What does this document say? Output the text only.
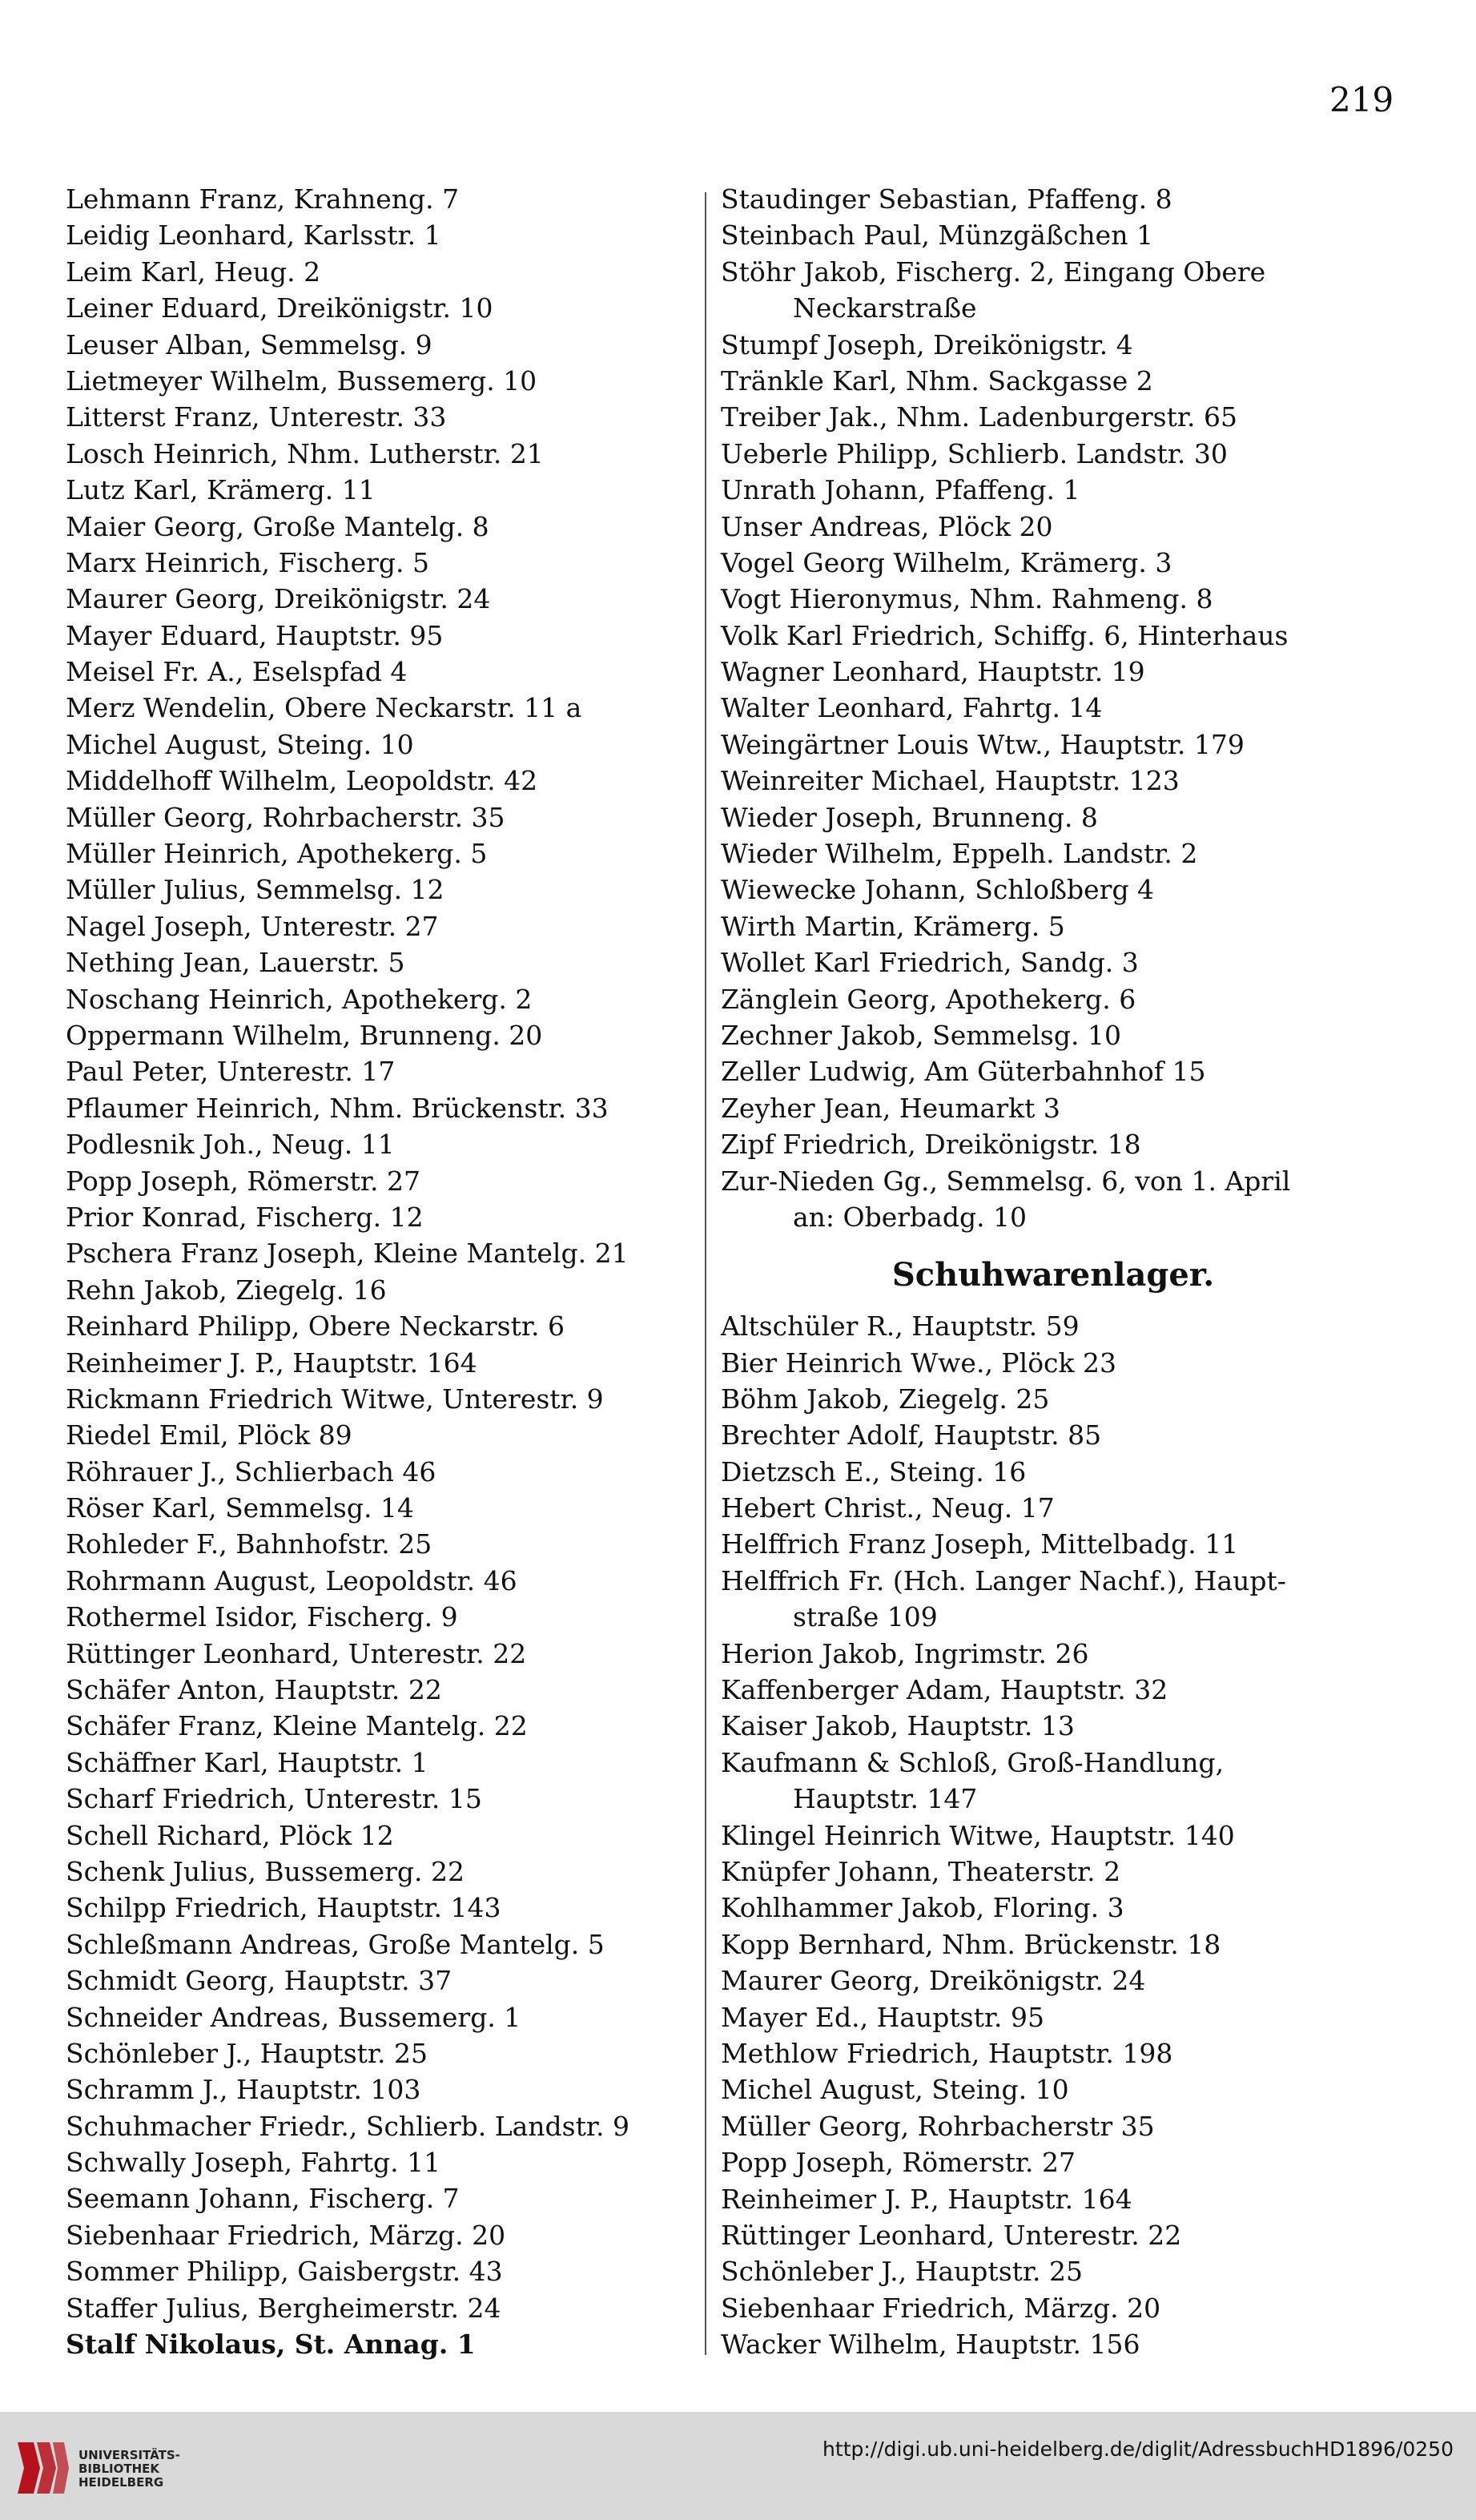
219
Lehmann Franz, Krahneng. 7
Leidig Leonhard, Karlsstr. 1
Leim Karl, Heug. 2
Leiner Eduard, Dreikönigstr. 10
Leuser Alban, Semmelsg. 9
Lietmeyer Wilhelm, Bussemerg. 10
Litterst Franz, Unterestr. 33
Losch Heinrich, Nhm. Lutherstr. 21
Lutz Karl, Krämerg. 11
Maier Georg, Große Mantelg. 8
Marx Heinrich, Fischerg. 5
Maurer Georg, Dreikönigstr. 24
Mayer Eduard, Hauptstr. 95
Meisel Fr. A., Eselspfad 4
Merz Wendelin, Obere Neckarstr. 11 a
Michel August, Steing. 10
Middelhoff Wilhelm, Leopoldstr. 42
Müller Georg, Rohrbacherstr. 35
Müller Heinrich, Apothekerg. 5
Müller Julius, Semmelsg. 12
Nagel Joseph, Unterestr. 27
Nething Jean, Lauerstr. 5
Noschang Heinrich, Apothekerg. 2
Oppermann Wilhelm, Brunneng. 20
Paul Peter, Unterestr. 17
Pflaumer Heinrich, Nhm. Brückenstr. 33
Podlesnik Joh., Neug. 11
Popp Joseph, Römerstr. 27
Prior Konrad, Fischerg. 12
Pschera Franz Joseph, Kleine Mantelg. 21
Rehn Jakob, Ziegelg. 16
Reinhard Philipp, Obere Neckarstr. 6
Reinheimer J. P., Hauptstr. 164
Rickmann Friedrich Witwe, Unterestr. 9
Riedel Emil, Plöck 89
Röhrauer J., Schlierbach 46
Röser Karl, Semmelsg. 14
Rohleder F., Bahnhofstr. 25
Rohrmann August, Leopoldstr. 46
Rothermel Isidor, Fischerg. 9
Rüttinger Leonhard, Unterestr. 22
Schäfer Anton, Hauptstr. 22
Schäfer Franz, Kleine Mantelg. 22
Schäffner Karl, Hauptstr. 1
Scharf Friedrich, Unterestr. 15
Schell Richard, Plöck 12
Schenk Julius, Bussemerg. 22
Schilpp Friedrich, Hauptstr. 143
Schleßmann Andreas, Große Mantelg. 5
Schmidt Georg, Hauptstr. 37
Schneider Andreas, Bussemerg. 1
Schönleber J., Hauptstr. 25
Schramm J., Hauptstr. 103
Schuhmacher Friedr., Schlierb. Landstr. 9
Schwally Joseph, Fahrtg. 11
Seemann Johann, Fischerg. 7
Siebenhaar Friedrich, Märzg. 20
Sommer Philipp, Gaisbergstr. 43
Staffer Julius, Bergheimerstr. 24
Stalf Nikolaus, St. Annag. 1
Staudinger Sebastian, Pfaffeng. 8
Steinbach Paul, Münzgäßchen 1
Stöhr Jakob, Fischerg. 2, Eingang Obere
Neckarstraße
Stumpf Joseph, Dreikönigstr. 4
Tränkle Karl, Nhm. Sackgasse 2
Treiber Jak., Nhm. Ladenburgerstr. 65
Ueberle Philipp, Schlierb. Landstr. 30
Unrath Johann, Pfaffeng. 1
Unser Andreas, Plöck 20
Vogel Georg Wilhelm, Krämerg. 3
Vogt Hieronymus, Nhm. Rahmeng. 8
Volk Karl Friedrich, Schiffg. 6, Hinterhaus
Wagner Leonhard, Hauptstr. 19
Walter Leonhard, Fahrtg. 14
Weingärtner Louis Wtw., Hauptstr. 179
Weinreiter Michael, Hauptstr. 123
Wieder Joseph, Brunneng. 8
Wieder Wilhelm, Eppelh. Landstr. 2
Wiewecke Johann, Schloßberg 4
Wirth Martin, Krämerg. 5
Wollet Karl Friedrich, Sandg. 3
Zänglein Georg, Apothekerg. 6
Zechner Jakob, Semmelsg. 10
Zeller Ludwig, Am Güterbahnhof 15
Zeyher Jean, Heumarkt 3
Zipf Friedrich, Dreikönigstr. 18
Zur-Nieden Gg., Semmelsg. 6, von 1. April
an: Oberbadg. 10
Schuhwarenlager.
Altschüler R., Hauptstr. 59
Bier Heinrich Wwe., Plöck 23
Böhm Jakob, Ziegelg. 25
Brechter Adolf, Hauptstr. 85
Dietzsch E., Steing. 16
Hebert Christ., Neug. 17
Helffrich Franz Joseph, Mittelbadg. 11
Helffrich Fr. (Hch. Langer Nachf.), Haupt-
straße 109
Herion Jakob, Ingrimstr. 26
Kaffenberger Adam, Hauptstr. 32
Kaiser Jakob, Hauptstr. 13
Kaufmann & Schloß, Groß-Handlung,
Hauptstr. 147
Klingel Heinrich Witwe, Hauptstr. 140
Knüpfer Johann, Theaterstr. 2
Kohlhammer Jakob, Floring. 3
Kopp Bernhard, Nhm. Brückenstr. 18
Maurer Georg, Dreikönigstr. 24
Mayer Ed., Hauptstr. 95
Methlow Friedrich, Hauptstr. 198
Michel August, Steing. 10
Müller Georg, Rohrbacherstr 35
Popp Joseph, Römerstr. 27
Reinheimer J. P., Hauptstr. 164
Rüttinger Leonhard, Unterestr. 22
Schönleber J., Hauptstr. 25
Siebenhaar Friedrich, Märzg. 20
Wacker Wilhelm, Hauptstr. 156
UNIVERSITÄTS-
BIBLIOTHEK
HEIDELBERG
http://digi.ub.uni-heidelberg.de/diglit/AdressbuchHD1896/0250
